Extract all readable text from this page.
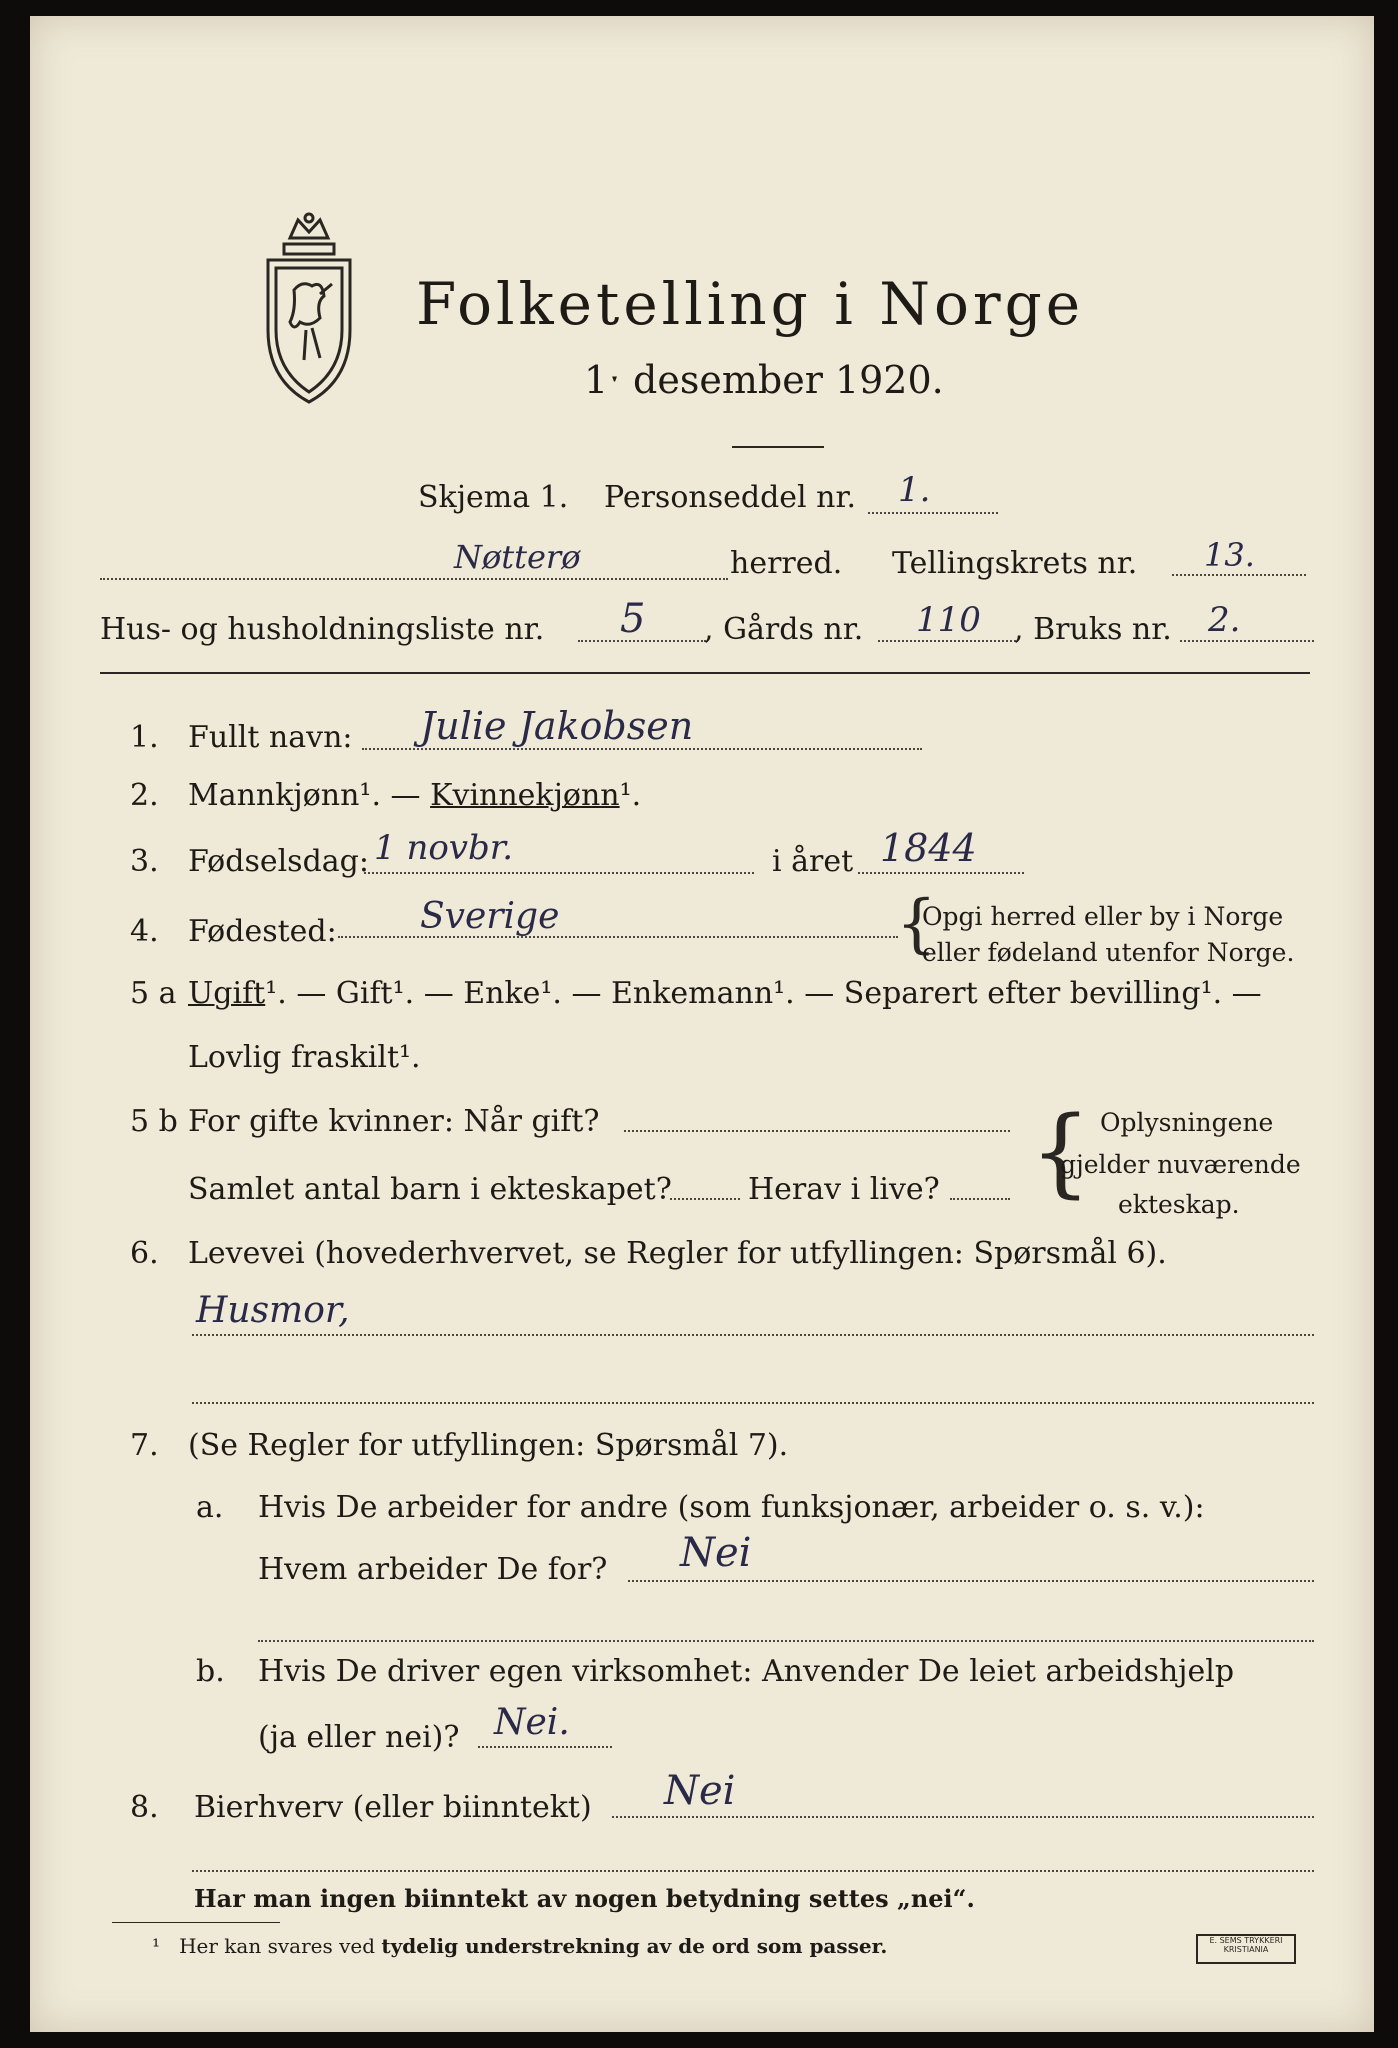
Folketelling i Norge
1ˑ desember 1920.
Skjema 1. Personseddel nr. 1.
Nøtterø	herred. Tellingskrets nr. 13.
Hus- og husholdningsliste nr. 5 , Gårds nr. 110 , Bruks nr. 2.
1. Fullt navn: Julie Jakobsen
2. Mannkjønn¹. — Kvinnekjønn¹.
3. Fødselsdag: 1 novbr.	i året 1844
4. Fødested: Sverige	{
Opgi herred eller by i Norge
eller fødeland utenfor Norge.
5 a Ugift¹. — Gift¹. — Enke¹. — Enkemann¹. — Separert efter bevilling¹. —
Lovlig fraskilt¹.
5 b For gifte kvinner: Når gift?
Samlet antal barn i ekteskapet?	Herav i live? { Oplysningene
gjelder nuværende
ekteskap.
6. Levevei (hovederhvervet, se Regler for utfyllingen: Spørsmål 6).
Husmor,
7. (Se Regler for utfyllingen: Spørsmål 7).
a. Hvis De arbeider for andre (som funksjonær, arbeider o. s. v.):
Hvem arbeider De for? Nei
b. Hvis De driver egen virksomhet: Anvender De leiet arbeidshjelp
(ja eller nei)? Nei.
8. Bierhverv (eller biinntekt) Nei
Har man ingen biinntekt av nogen betydning settes „nei“.
¹ Her kan svares ved tydelig understrekning av de ord som passer.	E. SEMS TRYKKERI
KRISTIANIA
